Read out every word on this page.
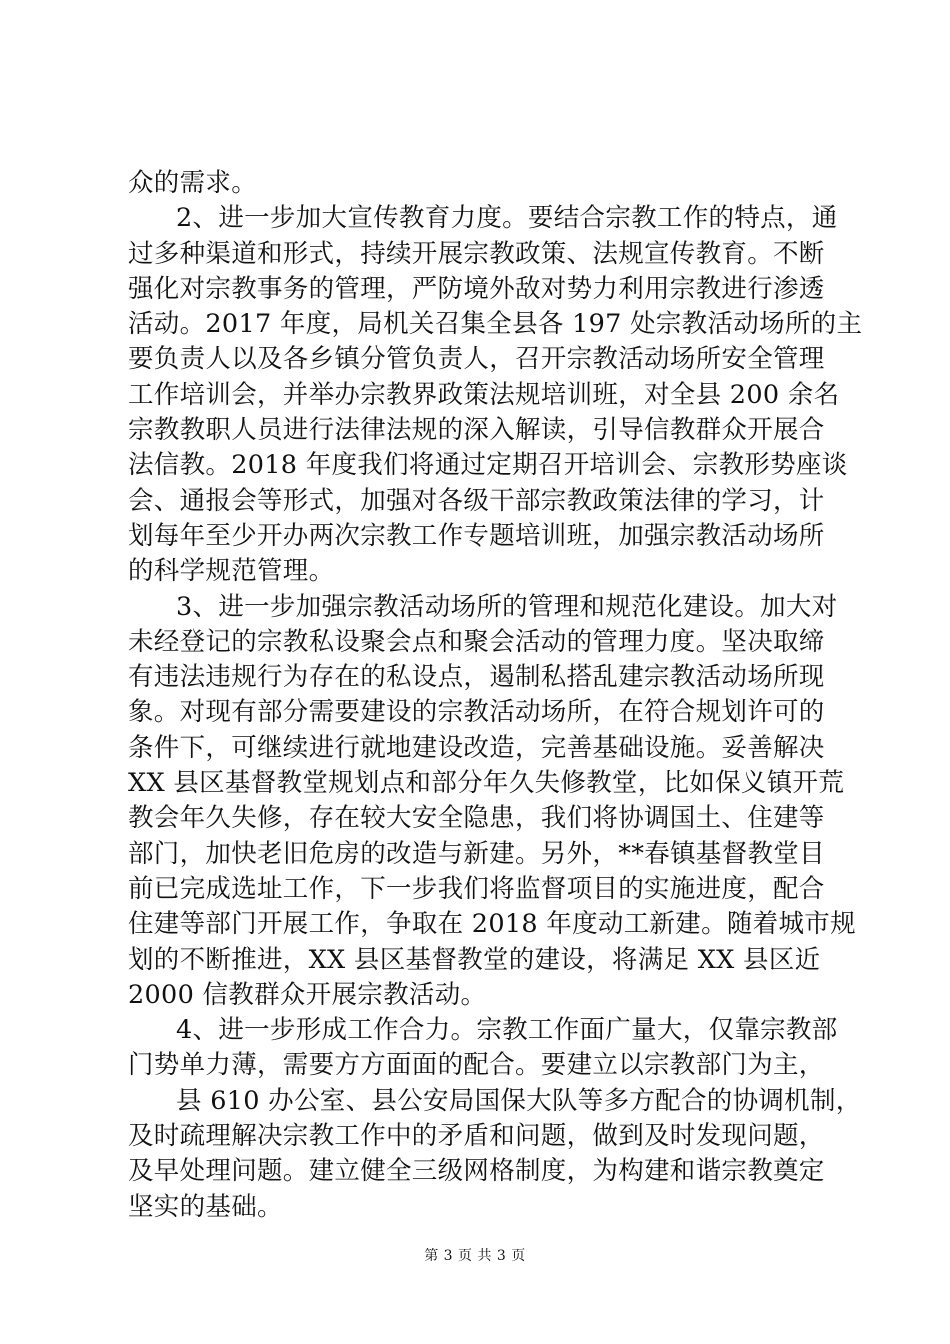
众的需求。
2、进一步加大宣传教育力度。要结合宗教工作的特点，通
过多种渠道和形式，持续开展宗教政策、法规宣传教育。不断
强化对宗教事务的管理，严防境外敌对势力利用宗教进行渗透
活动。2017 年度，局机关召集全县各 197 处宗教活动场所的主
要负责人以及各乡镇分管负责人，召开宗教活动场所安全管理
工作培训会，并举办宗教界政策法规培训班，对全县 200 余名
宗教教职人员进行法律法规的深入解读，引导信教群众开展合
法信教。2018 年度我们将通过定期召开培训会、宗教形势座谈
会、通报会等形式，加强对各级干部宗教政策法律的学习，计
划每年至少开办两次宗教工作专题培训班，加强宗教活动场所
的科学规范管理。
3、进一步加强宗教活动场所的管理和规范化建设。加大对
未经登记的宗教私设聚会点和聚会活动的管理力度。坚决取缔
有违法违规行为存在的私设点，遏制私搭乱建宗教活动场所现
象。对现有部分需要建设的宗教活动场所，在符合规划许可的
条件下，可继续进行就地建设改造，完善基础设施。妥善解决
XX 县区基督教堂规划点和部分年久失修教堂，比如保义镇开荒
教会年久失修，存在较大安全隐患，我们将协调国土、住建等
部门，加快老旧危房的改造与新建。另外，**春镇基督教堂目
前已完成选址工作，下一步我们将监督项目的实施进度，配合
住建等部门开展工作，争取在 2018 年度动工新建。随着城市规
划的不断推进，XX 县区基督教堂的建设，将满足 XX 县区近
2000 信教群众开展宗教活动。
4、进一步形成工作合力。宗教工作面广量大，仅靠宗教部
门势单力薄，需要方方面面的配合。要建立以宗教部门为主，
县 610 办公室、县公安局国保大队等多方配合的协调机制，
及时疏理解决宗教工作中的矛盾和问题，做到及时发现问题，
及早处理问题。建立健全三级网格制度，为构建和谐宗教奠定
坚实的基础。
第 3 页 共 3 页
